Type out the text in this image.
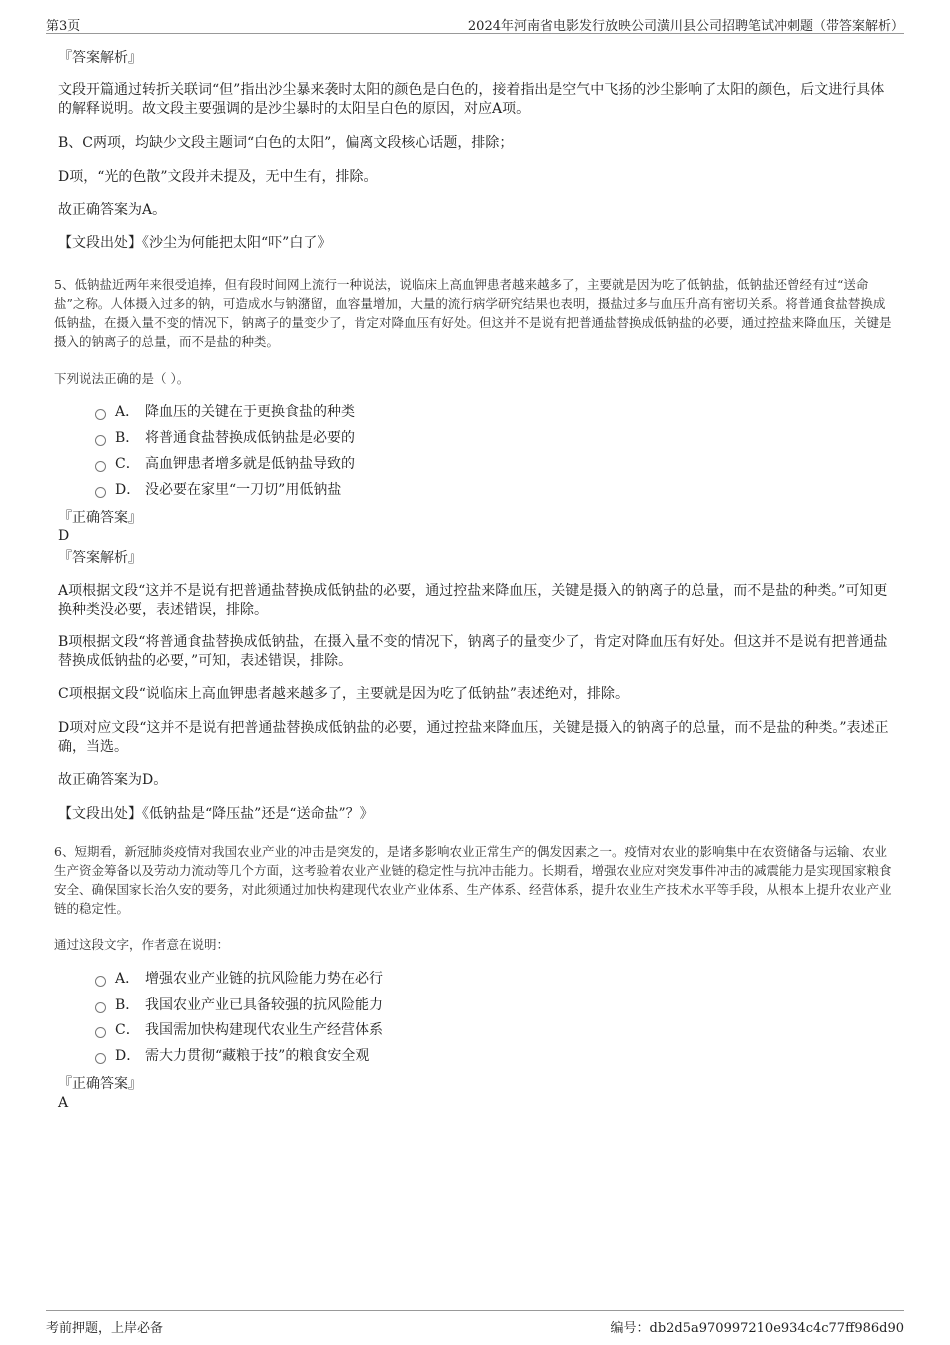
第3页	2024年河南省电影发行放映公司潢川县公司招聘笔试冲刺题（带答案解析）
『答案解析』
文段开篇通过转折关联词“但”指出沙尘暴来袭时太阳的颜色是白色的，接着指出是空气中飞扬的沙尘影响了太阳的颜色，后文进行具体的解释说明。故文段主要强调的是沙尘暴时的太阳呈白色的原因，对应A项。
B、C两项，均缺少文段主题词“白色的太阳”，偏离文段核心话题，排除；
D项，“光的色散”文段并未提及，无中生有，排除。
故正确答案为A。
【文段出处】《沙尘为何能把太阳“吓”白了》
5、低钠盐近两年来很受追捧，但有段时间网上流行一种说法，说临床上高血钾患者越来越多了，主要就是因为吃了低钠盐，低钠盐还曾经有过“送命盐”之称。人体摄入过多的钠，可造成水与钠潴留，血容量增加，大量的流行病学研究结果也表明，摄盐过多与血压升高有密切关系。将普通食盐替换成低钠盐，在摄入量不变的情况下，钠离子的量变少了，肯定对降血压有好处。但这并不是说有把普通盐替换成低钠盐的必要，通过控盐来降血压，关键是摄入的钠离子的总量，而不是盐的种类。
下列说法正确的是（ ）。
A． 降血压的关键在于更换食盐的种类
B． 将普通食盐替换成低钠盐是必要的
C． 高血钾患者增多就是低钠盐导致的
D． 没必要在家里“一刀切”用低钠盐
『正确答案』
D
『答案解析』
A项根据文段“这并不是说有把普通盐替换成低钠盐的必要，通过控盐来降血压，关键是摄入的钠离子的总量，而不是盐的种类。”可知更换种类没必要，表述错误，排除。
B项根据文段“将普通食盐替换成低钠盐，在摄入量不变的情况下，钠离子的量变少了，肯定对降血压有好处。但这并不是说有把普通盐替换成低钠盐的必要，”可知，表述错误，排除。
C项根据文段“说临床上高血钾患者越来越多了，主要就是因为吃了低钠盐”表述绝对，排除。
D项对应文段“这并不是说有把普通盐替换成低钠盐的必要，通过控盐来降血压，关键是摄入的钠离子的总量，而不是盐的种类。”表述正确，当选。
故正确答案为D。
【文段出处】《低钠盐是“降压盐”还是“送命盐”？》
6、短期看，新冠肺炎疫情对我国农业产业的冲击是突发的，是诸多影响农业正常生产的偶发因素之一。疫情对农业的影响集中在农资储备与运输、农业生产资金筹备以及劳动力流动等几个方面，这考验着农业产业链的稳定性与抗冲击能力。长期看，增强农业应对突发事件冲击的减震能力是实现国家粮食安全、确保国家长治久安的要务，对此须通过加快构建现代农业产业体系、生产体系、经营体系，提升农业生产技术水平等手段，从根本上提升农业产业链的稳定性。
通过这段文字，作者意在说明：
A． 增强农业产业链的抗风险能力势在必行
B． 我国农业产业已具备较强的抗风险能力
C． 我国需加快构建现代农业生产经营体系
D． 需大力贯彻“藏粮于技”的粮食安全观
『正确答案』
A
考前押题，上岸必备	编号：db2d5a970997210e934c4c77ff986d90
